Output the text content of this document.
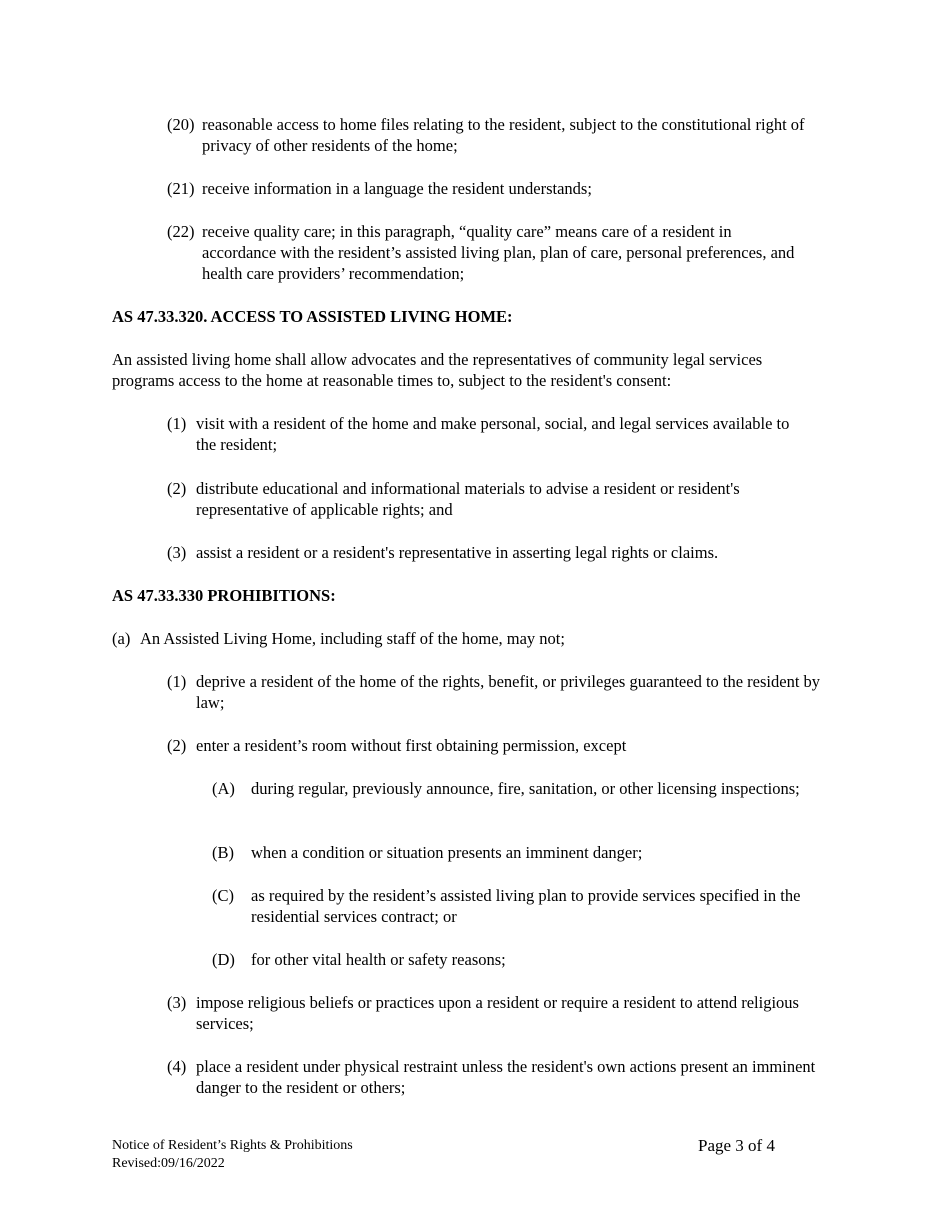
(20) reasonable access to home files relating to the resident, subject to the constitutional right of privacy of other residents of the home;
(21) receive information in a language the resident understands;
(22) receive quality care; in this paragraph, “quality care” means care of a resident in accordance with the resident’s assisted living plan, plan of care, personal preferences, and health care providers’ recommendation;

AS 47.33.320. ACCESS TO ASSISTED LIVING HOME:

An assisted living home shall allow advocates and the representatives of community legal services programs access to the home at reasonable times to, subject to the resident's consent:

(1) visit with a resident of the home and make personal, social, and legal services available to the resident;
(2) distribute educational and informational materials to advise a resident or resident's representative of applicable rights; and
(3) assist a resident or a resident's representative in asserting legal rights or claims.

AS 47.33.330 PROHIBITIONS:

(a) An Assisted Living Home, including staff of the home, may not;
(1) deprive a resident of the home of the rights, benefit, or privileges guaranteed to the resident by law;
(2) enter a resident’s room without first obtaining permission, except
(A) during regular, previously announce, fire, sanitation, or other licensing inspections;
(B)	when a condition or situation presents an imminent danger;
(C)	as required by the resident’s assisted living plan to provide services specified in the residential services contract; or
(D) for other vital health or safety reasons;
(3) impose religious beliefs or practices upon a resident or require a resident to attend religious services;
(4) place a resident under physical restraint unless the resident's own actions present an imminent danger to the resident or others;
Notice of Resident’s Rights & Prohibitions
Revised:09/16/2022
Page 3 of 4
